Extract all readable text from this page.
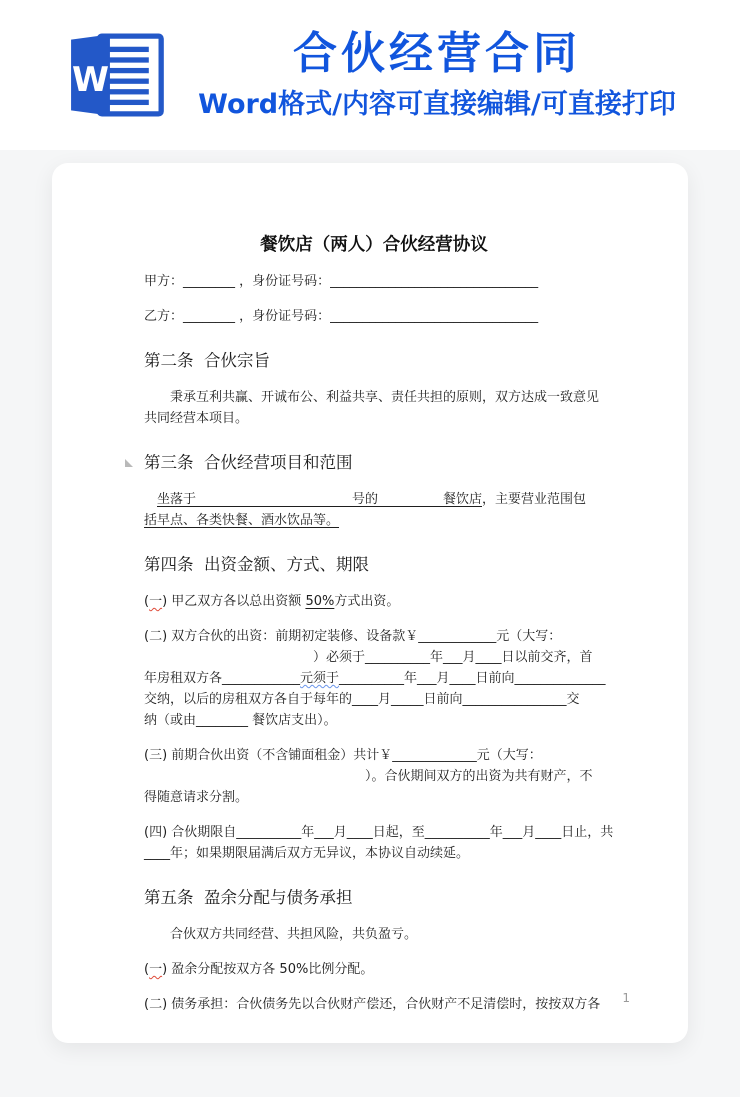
W
合伙经营合同
Word格式/内容可直接编辑/可直接打印
餐饮店（两人）合伙经营协议
甲方：________ ，身份证号码：________________________________
乙方：________ ，身份证号码：________________________________
第二条  合伙宗旨
秉承互利共赢、开诚布公、利益共享、责任共担的原则，双方达成一致意见
共同经营本项目。
第三条  合伙经营项目和范围
坐落于　　　　　　　　　　　　号的　　　　　餐饮店，主要营业范围包
括早点、各类快餐、酒水饮品等。
第四条  出资金额、方式、期限
(一) 甲乙双方各以总出资额 50%方式出资。
(二) 双方合伙的出资：前期初定装修、设备款￥____________元（大写：
　　　　　　　　　　　　　）必须于__________年___月____日以前交齐，首
年房租双方各____________元须于__________年___月____日前向______________
交纳，以后的房租双方各自于每年的____月_____日前向________________交
纳（或由________ 餐饮店支出）。
(三) 前期合伙出资（不含铺面租金）共计￥_____________元（大写：
　　　　　　　　　　　　　　　　　）。合伙期间双方的出资为共有财产，不
得随意请求分割。
(四) 合伙期限自__________年___月____日起，至__________年___月____日止，共
____年；如果期限届满后双方无异议，本协议自动续延。
第五条  盈余分配与债务承担
合伙双方共同经营、共担风险，共负盈亏。
(一) 盈余分配按双方各 50%比例分配。
(二) 债务承担：合伙债务先以合伙财产偿还，合伙财产不足清偿时，按按双方各	1
